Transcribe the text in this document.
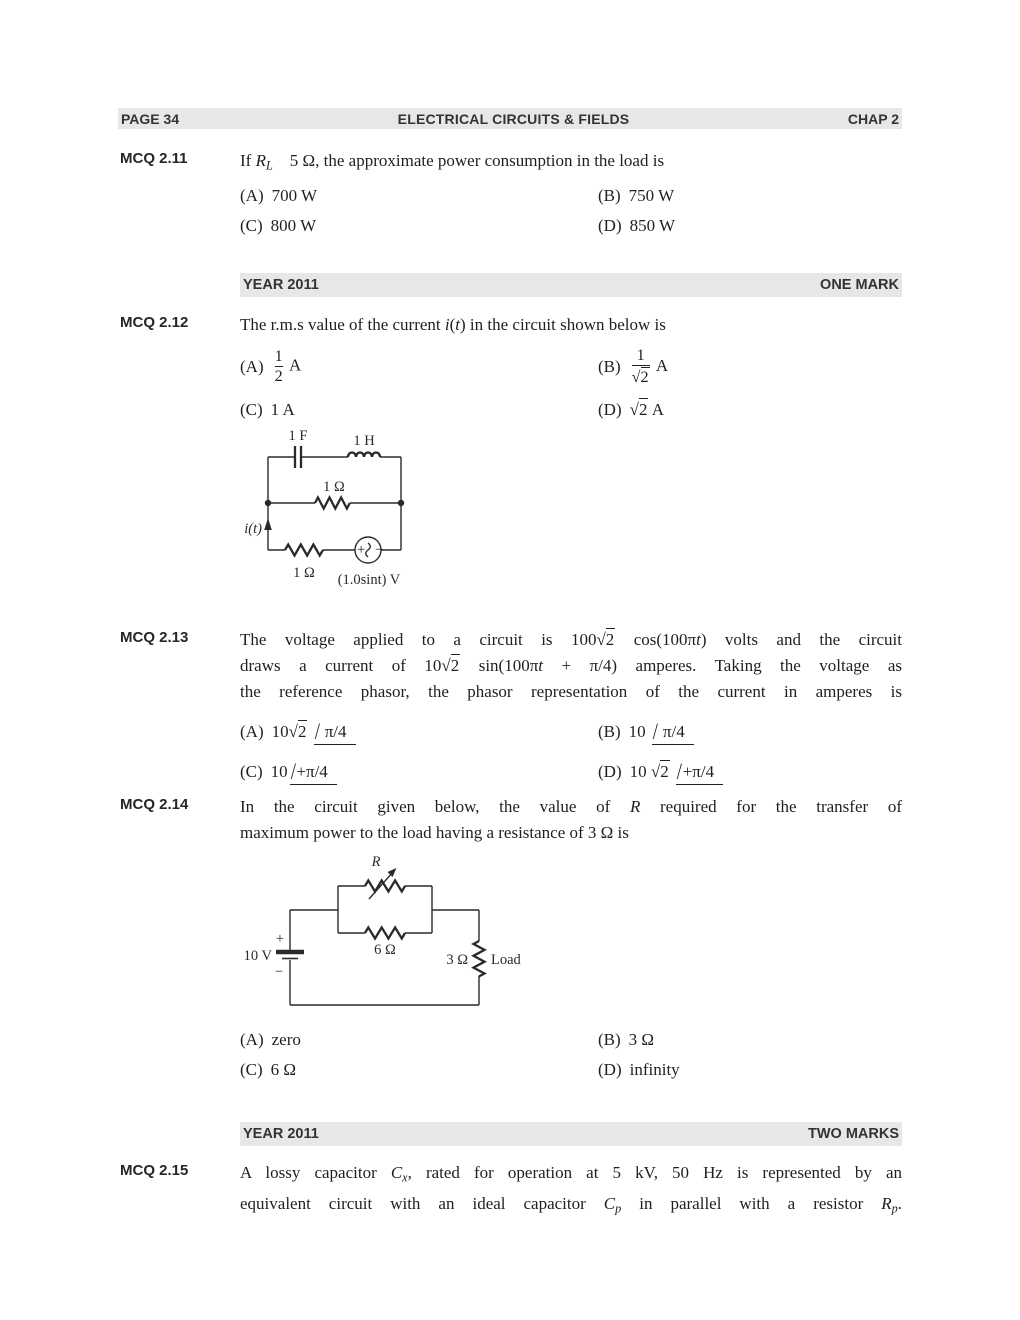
PAGE 34	ELECTRICAL CIRCUITS & FIELDS	CHAP 2
MCQ 2.11	If $R_L$  5 Ω, the approximate power consumption in the load is
(A) 700 W	(B) 750 W
(C) 800 W	(D) 850 W
YEAR 2011	ONE MARK
MCQ 2.12	The r.m.s value of the current i(t) in the circuit shown below is
$(A) \frac{1}{2}$ A	$(B) \frac{1}{√2}$ A
(C) 1 A	(D) √2 A
+ −
1 F	1 H
1 Ω
1 Ω
i(t)
(1.0sint) V
MCQ 2.13	The voltage applied to a circuit is 100√2 cos(100πt) volts and the circuit
draws a current of 10√2 sin(100πt + π/4) amperes. Taking the voltage as
the reference phasor, the phasor representation of the current in amperes is
(A) 10√2 / π/4	(B) 10 / π/4
(C) 10 /+π/4	(D) 10 √2 /+π/4
MCQ 2.14	In the circuit given below, the value of R required for the transfer of
maximum power to the load having a resistance of 3 Ω is
+
−
R
6 Ω
10 V	3 Ω Load
(A) zero	(B) 3 Ω
(C) 6 Ω	(D) infinity
YEAR 2011	TWO MARKS
MCQ 2.15	A lossy capacitor $C_x$, rated for operation at 5 kV, 50 Hz is represented by an
equivalent circuit with an ideal capacitor $C_p$ in parallel with a resistor $R_p$.
